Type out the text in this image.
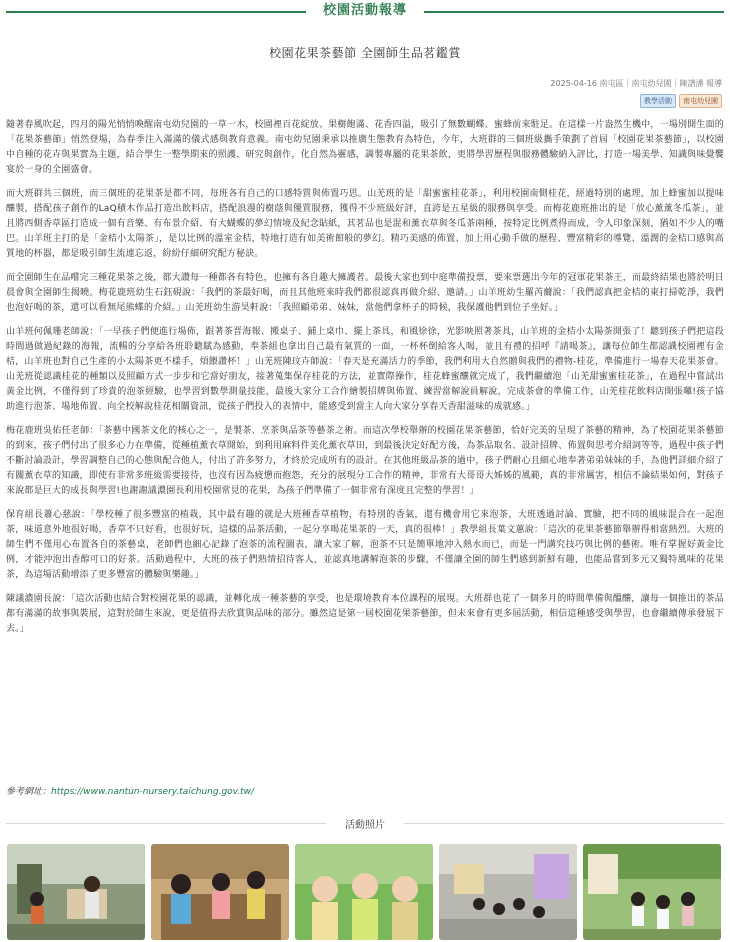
校園活動報導
校園花果茶藝節 全園師生品茗鑑賞
2025-04-16 南屯區｜南屯幼兒園｜陳譜潘 報導
教學活動	南屯幼兒園

隨著春風吹起，四月的陽光悄悄喚醒南屯幼兒園的一草一木，校園裡百花綻放、果樹飽滿、花香四溢，吸引了無數蝴蝶、蜜蜂前來駐足。在這樣一片盎然生機中，一場別開生面的「花果茶藝節」悄然登場，為春季注入滿滿的儀式感與教育意義。南屯幼兒園秉承以推廣生態教育為特色，今年，大班群的三個班級攜手策劃了首屆「校園花果茶藝節」，以校園中自種的花卉與果實為主題，結合學生一整學期來的照護、研究與創作，化自然為靈感，調製專屬的花果茶飲，更將學習歷程與服務體驗納入評比，打造一場美學、知識與味覺饗宴於一身的全園盛會。

而大班群共三個班，而三個班的花果茶是都不同，每班各有自己的口感特質與佈置巧思。山羌班的是「甜蜜蜜桂花茶」，利用校園南側桂花，經過特別的處理，加上蜂蜜加以提味釀製，搭配孩子創作的LaQ積木作品打造出飲料店，搭配浪漫的樹蔭與優質服務，獲得不少班級好評，直誇是五星級的服務與享受。而梅花鹿班推出的是「放心薰薰冬瓜茶」，並且將西側香草區打造成一個有音樂、有布景介紹、有大蝴蝶的夢幻情境及紀念貼紙，其茗品也是混和薰衣草與冬瓜茶兩種，按特定比例煮得而成，令人印象深刻，猶如不少人的嘴巴。山羊班主打的是「金桔小太陽茶」，是以比例的溫室金桔，特地打造有如美術館般的夢幻。精巧美感的佈置、加上用心動手做的歷程、豐富精彩的導覽、溫潤的金桔口感與高質地的杯器，都是吸引師生流連忘返，紛紛仔細研究配方秘訣。

而全園師生在品嚐完三種花果茶之後，都大讚每一種都各有特色，也擁有各自趣大擁護者。最後大家也到中庭準備投票，要來票選出今年的冠軍花果茶王，而最終結果也將於明日晨會與全園師生揭曉。梅花鹿班幼生石鈺硯說：「我們的茶最好喝，而且其他班來時我們都很認真再做介紹、邀請。」山羊班幼生羅芮薾說：「我們認真把金桔的東打掃乾淨，我們也泡好喝的茶，還可以看無尾熊蝶的介紹。」山羌班幼生游昊軒說：「我照顧弟弟、妹妹，當他們拿杯子的時候，我保護他們到位子坐好。」

山羊班何佩珊老師說：「一早孩子們便進行場佈，跟著茶晋海報、搬桌子、鋪上桌巾、擺上茶具，和風徐徐，光影映照著茶具，山羊班的金桔小太陽茶開張了！聽到孩子們把這段時間過做過紀錄的海報，流暢的分享給各班聆聽賦為感動，奉茶組也拿出自己最有氣質的一面，一杯杯倒給客人喝，並且有禮的招呼『請喝茶』，讓每位師生都認識校園裡有金桔，山羊班也對自己生產的小太陽茶更不樣手，煩餵讚杯！」山羌班陳玟卉師說：「春天是充滿活力的季節，我們利用大自然贈與我們的禮物-桂花，準備進行一場春天花果茶會。山羌班從認識桂花的種類以及照顧方式一步步和它當好朋友，接著蒐集保存桂花的方法，並實際操作，桂花蜂蜜釀就完成了，我們繼續泡「山羌甜蜜蜜桂花茶」，在過程中嘗試出黃金比例，不僅得到了珍貴的泡茶經驗，也學習到數學測量技能，最後大家分工合作繪製招牌與佈置、練習當解說員解說，完成茶會的準備工作，山羌桂花飲料店開張囉!孩子協助進行泡茶、場地佈置、向全校解說桂花相關資訊，從孩子們投入的表情中，能感受到當主人向大家分享春天香甜滋味的成就感。」

梅花鹿班吳佑任老師：「茶藝中國茶文化的核心之一，是製茶、烹茶與品茶等藝茶之術。而這次學校舉辦的校園花果茶藝節，恰好完美的呈現了茶藝的精神，為了校園花果茶藝節的到來，孩子們付出了很多心力在準備，從種植薰衣草開始，到利用麻料件美化薰衣草田，到最後決定好配方後，為茶品取名、設計招牌、佈置與思考介紹詞等等，過程中孩子們不斷討論設計，學習調整自己的心態與配合他人，付出了許多努力，才終於完成所有的設計。在其他班級品茶的過中，孩子們耐心且細心地奉著弟弟妹妹的手，為他們詳細介紹了有關薰衣草的知識，即使有非常多班級需要接待，也沒有因為疲憊而抱怨，充分的展現分工合作的精神，非常有大哥哥大姊姊的風範，真的非常厲害，相信不論結果如何，對孩子來說都是巨大的成長與學習!也謝謝議濃園長利用校園常見的花果，為孩子們準備了一個非常有深度且完整的學習！」

保育組長蕭心慈說：「學校種了很多豐富的植栽，其中最有趣的就是大班種香草植物，有特別的香氣，還有機會用它來泡茶，大班透過討論、實驗，把不同的風味混合在一起泡茶，味道意外地很好喝，香草不只好看，也很好玩，這樣的品茶活動，一起分享喝花果茶的一天，真的很棒！」教學組長葉文蕙說：「這次的花果茶藝節舉辦得相當熱烈。大班的師生們不僅用心布置各自的茶藝桌，老師們也細心記錄了泡茶的流程圖表，讓大家了解，泡茶不只是簡單地沖入熱水而已，而是一門講究技巧與比例的藝術。唯有掌握好黃金比例，才能沖泡出香醇可口的好茶。活動過程中，大班的孩子們熱情招待客人，並認真地講解泡茶的步驟，不僅讓全園的師生們感到新鮮有趣，也能品嘗到多元又獨特風味的花果茶，為這場活動增添了更多豐富的體驗與樂趣。」

陳議濃園長說：「這次活動也結合對校園花果的認識，並轉化成一種茶藝的享受，也是環境教育本位課程的展現。大班群也花了一個多月的時間準備與醞釀，讓每一個推出的茶品都有滿滿的故事與裝展，這對於師生來說，更是值得去欣賞與品味的部分。雖然這是第一屆校園花果茶藝節，但未來會有更多屆活動，相信這種感受與學習，也會繼續傳承發展下去。」

參考網址：https://www.nantun-nursery.taichung.gov.tw/
活動照片
